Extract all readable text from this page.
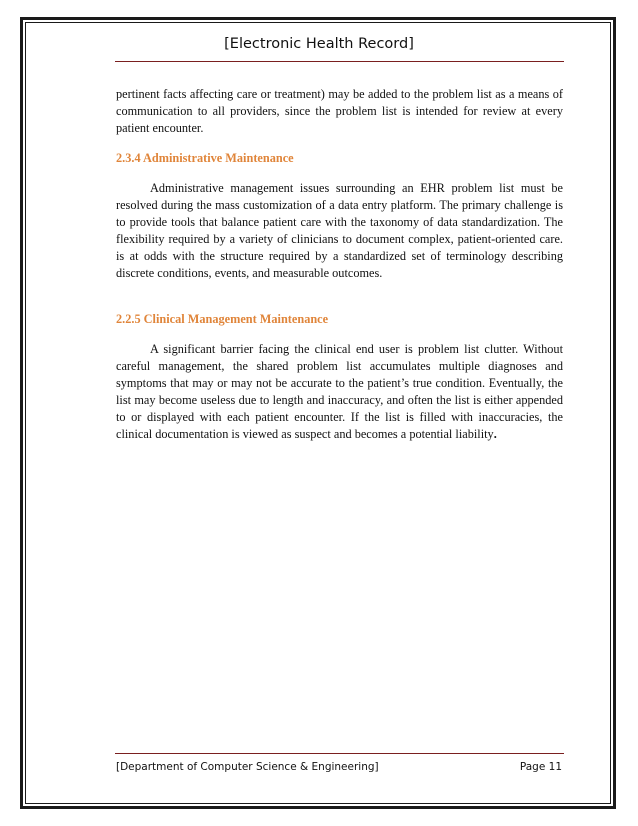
[Electronic Health Record]

pertinent facts affecting care or treatment) may be added to the problem list as a means of communication to all providers, since the problem list is intended for review at every patient encounter.

2.3.4 Administrative Maintenance

Administrative management issues surrounding an EHR problem list must be resolved during the mass customization of a data entry platform. The primary challenge is to provide tools that balance patient care with the taxonomy of data standardization. The flexibility required by a variety of clinicians to document complex, patient-oriented care. is at odds with the structure required by a standardized set of terminology describing discrete conditions, events, and measurable outcomes.

2.2.5 Clinical Management Maintenance

A significant barrier facing the clinical end user is problem list clutter. Without careful management, the shared problem list accumulates multiple diagnoses and symptoms that may or may not be accurate to the patient’s true condition. Eventually, the list may become useless due to length and inaccuracy, and often the list is either appended to or displayed with each patient encounter. If the list is filled with inaccuracies, the clinical documentation is viewed as suspect and becomes a potential liability.

[Department of Computer Science & Engineering]	Page 11
